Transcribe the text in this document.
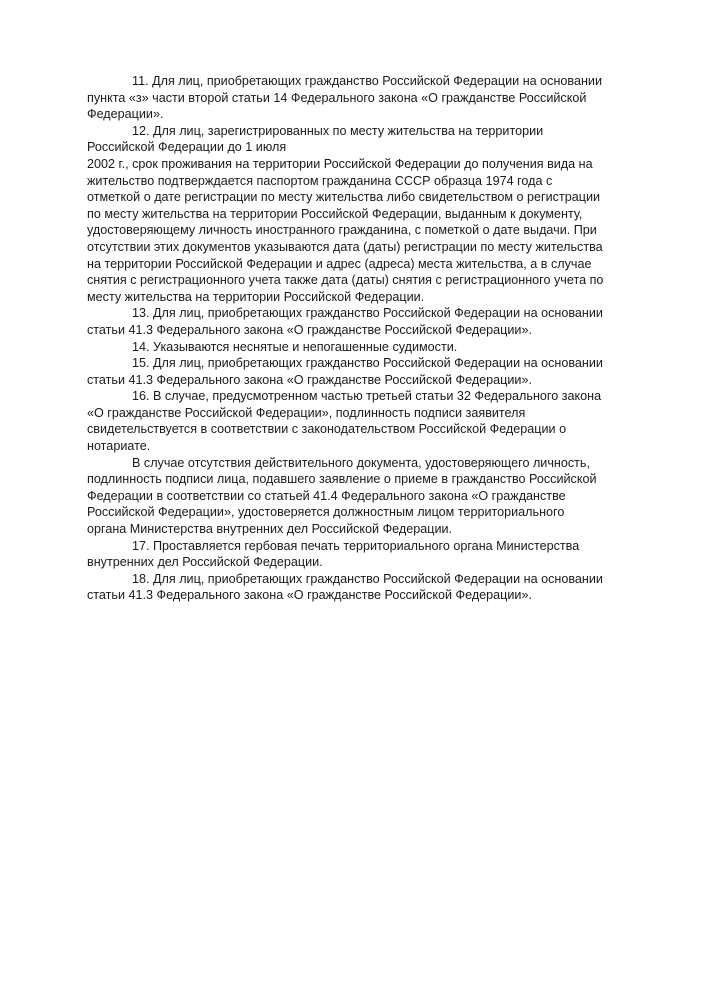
11. Для лиц, приобретающих гражданство Российской Федерации на основании
пункта «з» части второй статьи 14 Федерального закона «О гражданстве Российской
Федерации».
12. Для лиц, зарегистрированных по месту жительства на территории
Российской Федерации до 1 июля
2002 г., срок проживания на территории Российской Федерации до получения вида на
жительство подтверждается паспортом гражданина СССР образца 1974 года с
отметкой о дате регистрации по месту жительства либо свидетельством о регистрации
по месту жительства на территории Российской Федерации, выданным к документу,
удостоверяющему личность иностранного гражданина, с пометкой о дате выдачи. При
отсутствии этих документов указываются дата (даты) регистрации по месту жительства
на территории Российской Федерации и адрес (адреса) места жительства, а в случае
снятия с регистрационного учета также дата (даты) снятия с регистрационного учета по
месту жительства на территории Российской Федерации.
13. Для лиц, приобретающих гражданство Российской Федерации на основании
статьи 41.3 Федерального закона «О гражданстве Российской Федерации».
14. Указываются неснятые и непогашенные судимости.
15. Для лиц, приобретающих гражданство Российской Федерации на основании
статьи 41.3 Федерального закона «О гражданстве Российской Федерации».
16. В случае, предусмотренном частью третьей статьи 32 Федерального закона
«О гражданстве Российской Федерации», подлинность подписи заявителя
свидетельствуется в соответствии с законодательством Российской Федерации о
нотариате.
В случае отсутствия действительного документа, удостоверяющего личность,
подлинность подписи лица, подавшего заявление о приеме в гражданство Российской
Федерации в соответствии со статьей 41.4 Федерального закона «О гражданстве
Российской Федерации», удостоверяется должностным лицом территориального
органа Министерства внутренних дел Российской Федерации.
17. Проставляется гербовая печать территориального органа Министерства
внутренних дел Российской Федерации.
18. Для лиц, приобретающих гражданство Российской Федерации на основании
статьи 41.3 Федерального закона «О гражданстве Российской Федерации».
